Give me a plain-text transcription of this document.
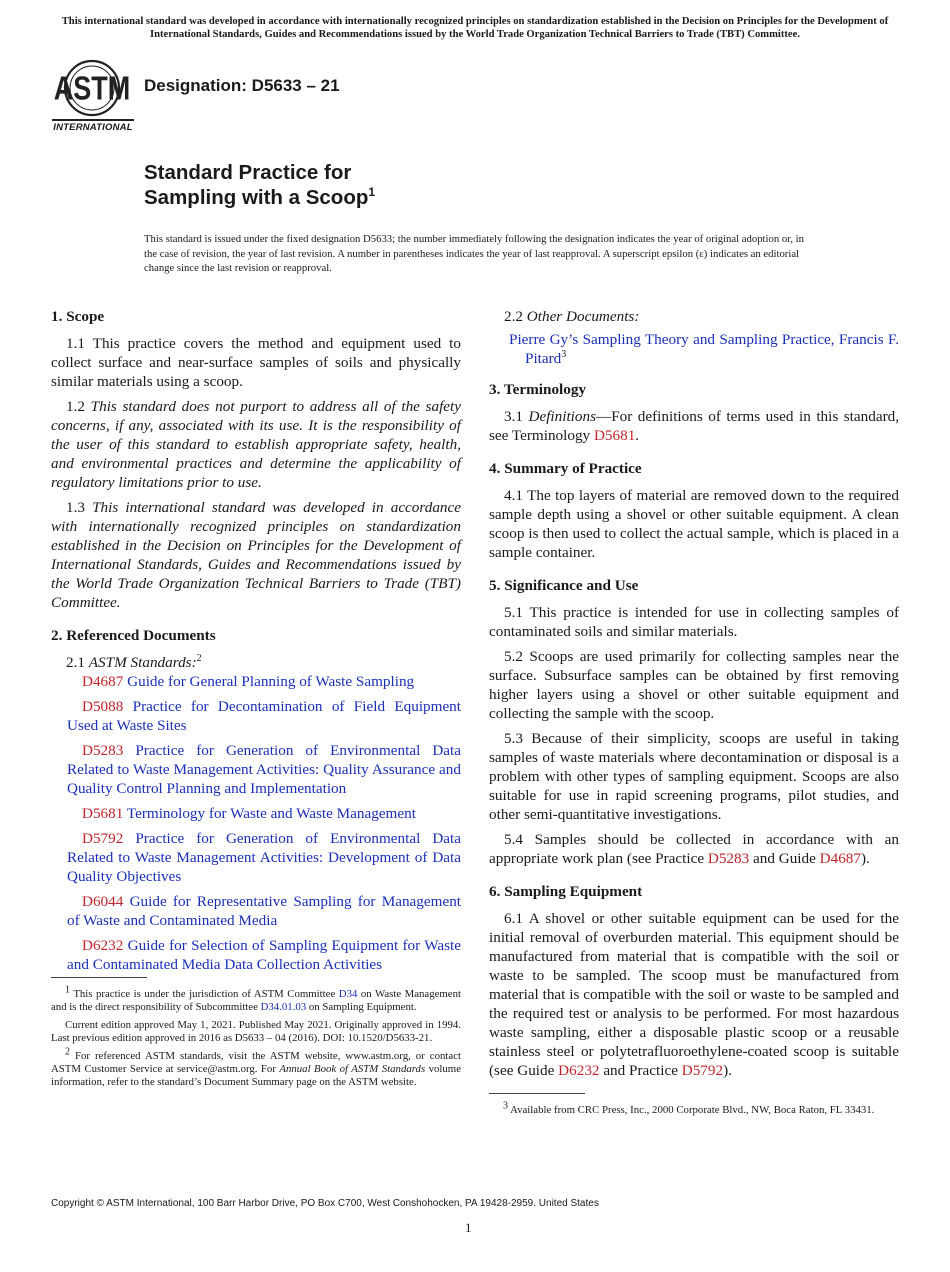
This international standard was developed in accordance with internationally recognized principles on standardization established in the Decision on Principles for the Development of International Standards, Guides and Recommendations issued by the World Trade Organization Technical Barriers to Trade (TBT) Committee.
ASTM
INTERNATIONAL
Designation: D5633 – 21
Standard Practice for
Sampling with a Scoop$^1$
This standard is issued under the fixed designation D5633; the number immediately following the designation indicates the year of original adoption or, in the case of revision, the year of last revision. A number in parentheses indicates the year of last reapproval. A superscript epsilon (ε) indicates an editorial change since the last revision or reapproval.
1. Scope

1.1 This practice covers the method and equipment used to collect surface and near-surface samples of soils and physically similar materials using a scoop.

1.2 This standard does not purport to address all of the safety concerns, if any, associated with its use. It is the responsibility of the user of this standard to establish appropriate safety, health, and environmental practices and determine the applicability of regulatory limitations prior to use.

1.3 This international standard was developed in accordance with internationally recognized principles on standardization established in the Decision on Principles for the Development of International Standards, Guides and Recommendations issued by the World Trade Organization Technical Barriers to Trade (TBT) Committee.

2. Referenced Documents

2.1 ASTM Standards:$^2$

D4687 Guide for General Planning of Waste Sampling

D5088 Practice for Decontamination of Field Equipment Used at Waste Sites

D5283 Practice for Generation of Environmental Data Related to Waste Management Activities: Quality Assurance and Quality Control Planning and Implementation

D5681 Terminology for Waste and Waste Management

D5792 Practice for Generation of Environmental Data Related to Waste Management Activities: Development of Data Quality Objectives

D6044 Guide for Representative Sampling for Management of Waste and Contaminated Media

D6232 Guide for Selection of Sampling Equipment for Waste and Contaminated Media Data Collection Activities

$^1$ This practice is under the jurisdiction of ASTM Committee D34 on Waste Management and is the direct responsibility of Subcommittee D34.01.03 on Sampling Equipment.

Current edition approved May 1, 2021. Published May 2021. Originally approved in 1994. Last previous edition approved in 2016 as D5633 – 04 (2016). DOI: 10.1520/D5633-21.

$^2$ For referenced ASTM standards, visit the ASTM website, www.astm.org, or contact ASTM Customer Service at service@astm.org. For Annual Book of ASTM Standards volume information, refer to the standard’s Document Summary page on the ASTM website.

2.2 Other Documents:

Pierre Gy’s Sampling Theory and Sampling Practice, Francis F. Pitard$^3$

3. Terminology

3.1 Definitions—For definitions of terms used in this standard, see Terminology D5681.

4. Summary of Practice

4.1 The top layers of material are removed down to the required sample depth using a shovel or other suitable equipment. A clean scoop is then used to collect the actual sample, which is placed in a sample container.

5. Significance and Use

5.1 This practice is intended for use in collecting samples of contaminated soils and similar materials.

5.2 Scoops are used primarily for collecting samples near the surface. Subsurface samples can be obtained by first removing higher layers using a shovel or other suitable equipment and collecting the sample with the scoop.

5.3 Because of their simplicity, scoops are useful in taking samples of waste materials where decontamination or disposal is a problem with other types of sampling equipment. Scoops are also suitable for use in rapid screening programs, pilot studies, and other semi-quantitative investigations.

5.4 Samples should be collected in accordance with an appropriate work plan (see Practice D5283 and Guide D4687).

6. Sampling Equipment

6.1 A shovel or other suitable equipment can be used for the initial removal of overburden material. This equipment should be manufactured from material that is compatible with the soil or waste to be sampled. The scoop must be manufactured from material that is compatible with the soil or waste to be sampled and the required test or analysis to be performed. For most hazardous waste sampling, either a disposable plastic scoop or a reusable stainless steel or polytetrafluoroethylene-coated scoop is suitable (see Guide D6232 and Practice D5792).

$^3$ Available from CRC Press, Inc., 2000 Corporate Blvd., NW, Boca Raton, FL 33431.

Copyright © ASTM International, 100 Barr Harbor Drive, PO Box C700, West Conshohocken, PA 19428-2959. United States
1
